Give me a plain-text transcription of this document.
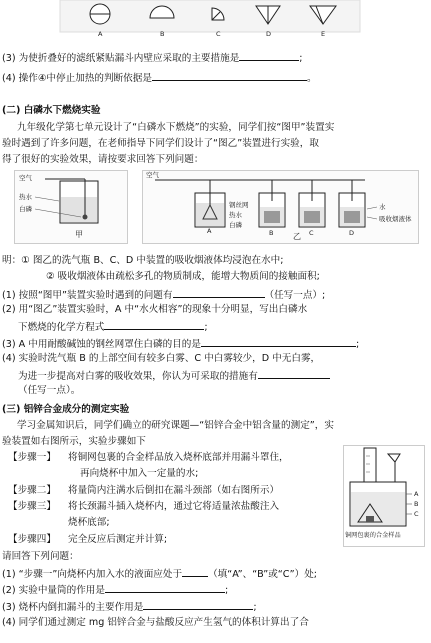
A	B	C	D	E
(3) 为使折叠好的滤纸紧贴漏斗内壁应采取的主要措施是	;
(4) 操作④中停止加热的判断依据是	。
(二) 白磷水下燃烧实验
九年级化学第七单元设计了“白磷水下燃烧”的实验，同学们按“图甲”装置实
验时遇到了许多问题，在老师指导下同学们设计了“图乙”装置进行实验，取
得了很好的实验效果，请按要求回答下列问题：
空气
热水
白磷
甲
空气
A	B	C	D
钢丝网
热水
白磷
水
吸收烟液体
乙
明：① 图乙的洗气瓶 B、C、D 中装置的吸收烟液体均浸泡在水中;
② 吸收烟液体由疏松多孔的物质制成，能增大物质间的接触面积;
(1) 按照“图甲”装置实验时遇到的问题有	（任写一点）;
(2) 用“图乙”装置实验时，A 中“水火相容”的现象十分明显，写出白磷水
下燃烧的化学方程式	;
(3) A 中用耐酸碱蚀的钢丝网罩住白磷的目的是	;
(4) 实验时洗气瓶 B 的上部空间有较多白雾、C 中白雾较少，D 中无白雾，
为进一步提高对白雾的吸收效果，你认为可采取的措施有
（任写一点）。
(三) 铝锌合金成分的测定实验
学习金属知识后，同学们确立的研究课题—“铝锌合金中铝含量的测定”，实
验装置如右图所示，实验步骤如下
【步骤一】 将铜网包裹的合金样品放入烧杯底部并用漏斗罩住，
再向烧杯中加入一定量的水;
【步骤二】 将量筒内注满水后倒扣在漏斗颈部（如右图所示）
【步骤三】 将长颈漏斗插入烧杯内，通过它将适量浓盐酸注入
烧杯底部;
【步骤四】 完全反应后测定并计算;
A
B
C
铜网包裹的合金样品
请回答下列问题：
(1) “步骤一”向烧杯内加入水的液面应处于	（填“A”、“B”或“C”）处;
(2) 实验中量筒的作用是	;
(3) 烧杯内倒扣漏斗的主要作用是	;
(4) 同学们通过测定 mg 铝锌合金与盐酸反应产生氢气的体积计算出了合
